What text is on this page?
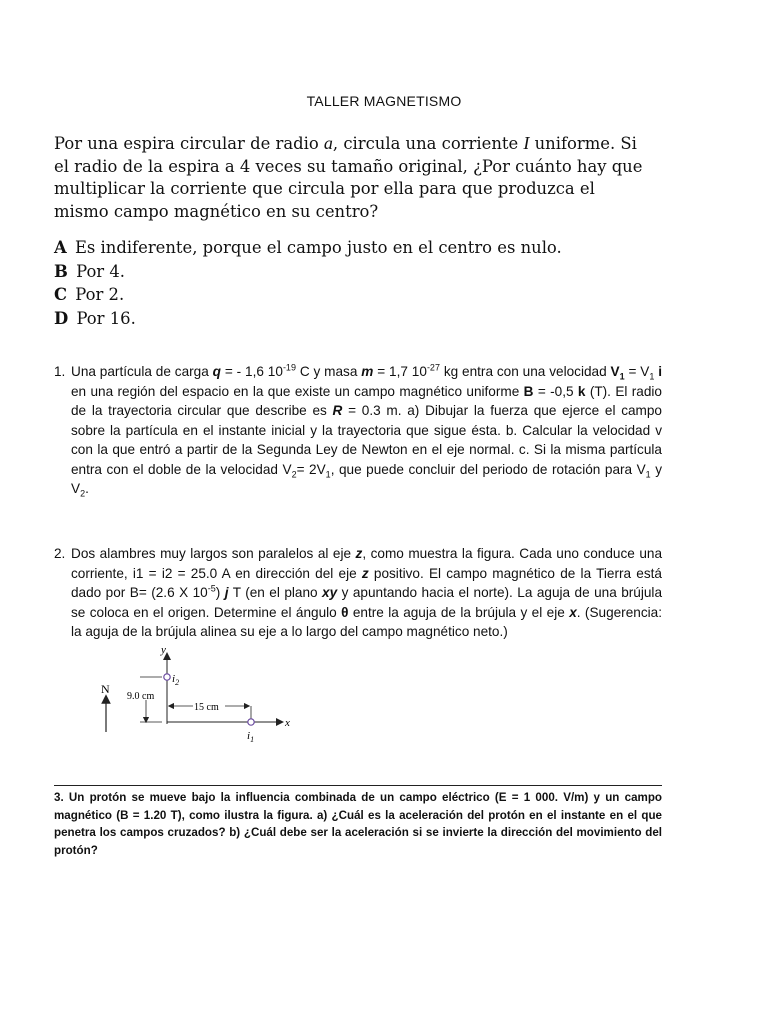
TALLER MAGNETISMO
Por una espira circular de radio a, circula una corriente I uniforme. Si el radio de la espira a 4 veces su tamaño original, ¿Por cuánto hay que multiplicar la corriente que circula por ella para que produzca el mismo campo magnético en su centro?
A Es indiferente, porque el campo justo en el centro es nulo.
B Por 4.
C Por 2.
D Por 16.
1. Una partícula de carga q = - 1,6 $10^{-19}$ C y masa m = 1,7 $10^{-27}$ kg entra con una velocidad $V_1 = V_1$ i en una región del espacio en la que existe un campo magnético uniforme B = -0,5 k (T). El radio de la trayectoria circular que describe es R = 0.3 m. a) Dibujar la fuerza que ejerce el campo sobre la partícula en el instante inicial y la trayectoria que sigue ésta. b. Calcular la velocidad v con la que entró a partir de la Segunda Ley de Newton en el eje normal. c. Si la misma partícula entra con el doble de la velocidad $V_2= 2V_1$, que puede concluir del periodo de rotación para $V_1$ y $V_2$.
2. Dos alambres muy largos son paralelos al eje z, como muestra la figura. Cada uno conduce una corriente, i1 = i2 = 25.0 A en dirección del eje z positivo. El campo magnético de la Tierra está dado por B= (2.6 X $10^{-5}$) j T (en el plano xy y apuntando hacia el norte). La aguja de una brújula se coloca en el origen. Determine el ángulo θ entre la aguja de la brújula y el eje x. (Sugerencia: la aguja de la brújula alinea su eje a lo largo del campo magnético neto.)
N
y
x
9.0 cm
15 cm
$i_2$
$i_1$
3. Un protón se mueve bajo la influencia combinada de un campo eléctrico (E = 1 000. V/m) y un campo magnético (B = 1.20 T), como ilustra la figura. a) ¿Cuál es la aceleración del protón en el instante en el que penetra los campos cruzados? b) ¿Cuál debe ser la aceleración si se invierte la dirección del movimiento del protón?
